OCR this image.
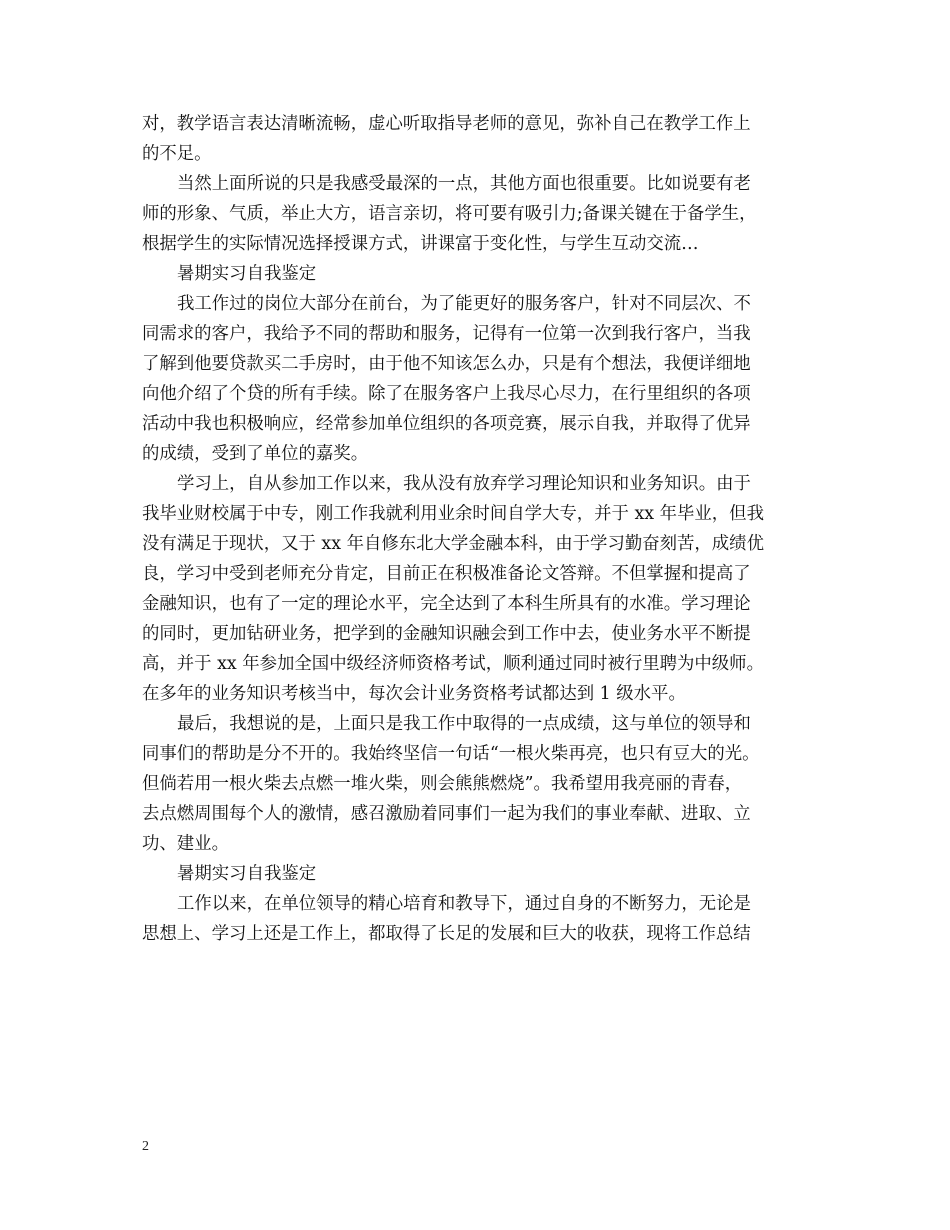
对，教学语言表达清晰流畅，虚心听取指导老师的意见，弥补自己在教学工作上
的不足。
当然上面所说的只是我感受最深的一点，其他方面也很重要。比如说要有老
师的形象、气质，举止大方，语言亲切，将可要有吸引力;备课关键在于备学生，
根据学生的实际情况选择授课方式，讲课富于变化性，与学生互动交流…
暑期实习自我鉴定
我工作过的岗位大部分在前台，为了能更好的服务客户，针对不同层次、不
同需求的客户，我给予不同的帮助和服务，记得有一位第一次到我行客户，当我
了解到他要贷款买二手房时，由于他不知该怎么办，只是有个想法，我便详细地
向他介绍了个贷的所有手续。除了在服务客户上我尽心尽力，在行里组织的各项
活动中我也积极响应，经常参加单位组织的各项竞赛，展示自我，并取得了优异
的成绩，受到了单位的嘉奖。
学习上，自从参加工作以来，我从没有放弃学习理论知识和业务知识。由于
我毕业财校属于中专，刚工作我就利用业余时间自学大专，并于 xx 年毕业，但我
没有满足于现状，又于 xx 年自修东北大学金融本科，由于学习勤奋刻苦，成绩优
良，学习中受到老师充分肯定，目前正在积极准备论文答辩。不但掌握和提高了
金融知识，也有了一定的理论水平，完全达到了本科生所具有的水准。学习理论
的同时，更加钻研业务，把学到的金融知识融会到工作中去，使业务水平不断提
高，并于 xx 年参加全国中级经济师资格考试，顺利通过同时被行里聘为中级师。
在多年的业务知识考核当中，每次会计业务资格考试都达到 1 级水平。
最后，我想说的是，上面只是我工作中取得的一点成绩，这与单位的领导和
同事们的帮助是分不开的。我始终坚信一句话“一根火柴再亮，也只有豆大的光。
但倘若用一根火柴去点燃一堆火柴，则会熊熊燃烧”。我希望用我亮丽的青春，
去点燃周围每个人的激情，感召激励着同事们一起为我们的事业奉献、进取、立
功、建业。
暑期实习自我鉴定
工作以来，在单位领导的精心培育和教导下，通过自身的不断努力，无论是
思想上、学习上还是工作上，都取得了长足的发展和巨大的收获，现将工作总结
2
